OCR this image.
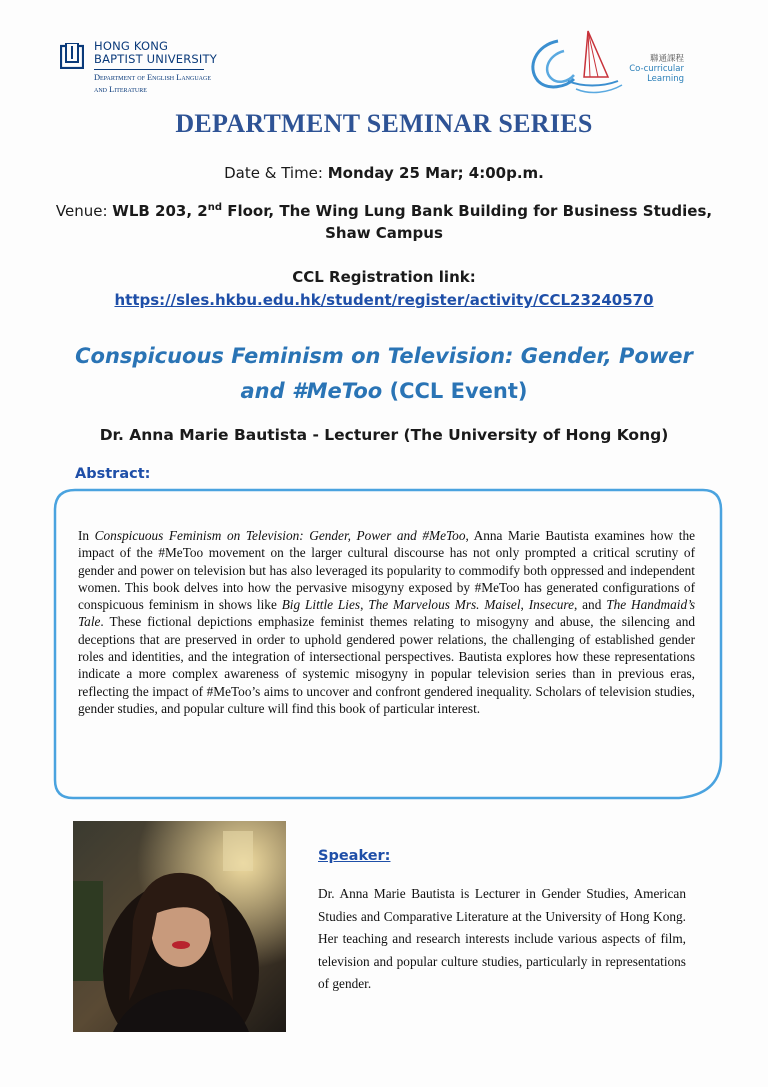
HONG KONG
BAPTIST UNIVERSITY
Department of English Language
and Literature
聯通課程
Co-curricular
Learning
DEPARTMENT SEMINAR SERIES
Date & Time: Monday 25 Mar; 4:00p.m.
Venue: WLB 203, 2nd Floor, The Wing Lung Bank Building for Business Studies,
Shaw Campus
CCL Registration link:
https://sles.hkbu.edu.hk/student/register/activity/CCL23240570
Conspicuous Feminism on Television: Gender, Power
and #MeToo (CCL Event)
Dr. Anna Marie Bautista - Lecturer (The University of Hong Kong)
Abstract:
In Conspicuous Feminism on Television: Gender, Power and #MeToo, Anna Marie Bautista examines how the impact of the #MeToo movement on the larger cultural discourse has not only prompted a critical scrutiny of gender and power on television but has also leveraged its popularity to commodify both oppressed and independent women. This book delves into how the pervasive misogyny exposed by #MeToo has generated configurations of conspicuous feminism in shows like Big Little Lies, The Marvelous Mrs. Maisel, Insecure, and The Handmaid’s Tale. These fictional depictions emphasize feminist themes relating to misogyny and abuse, the silencing and deceptions that are preserved in order to uphold gendered power relations, the challenging of established gender roles and identities, and the integration of intersectional perspectives. Bautista explores how these representations indicate a more complex awareness of systemic misogyny in popular television series than in previous eras, reflecting the impact of #MeToo’s aims to uncover and confront gendered inequality. Scholars of television studies, gender studies, and popular culture will find this book of particular interest.
Speaker:
Dr. Anna Marie Bautista is Lecturer in Gender Studies, American Studies and Comparative Literature at the University of Hong Kong. Her teaching and research interests include various aspects of film, television and popular culture studies, particularly in representations of gender.
